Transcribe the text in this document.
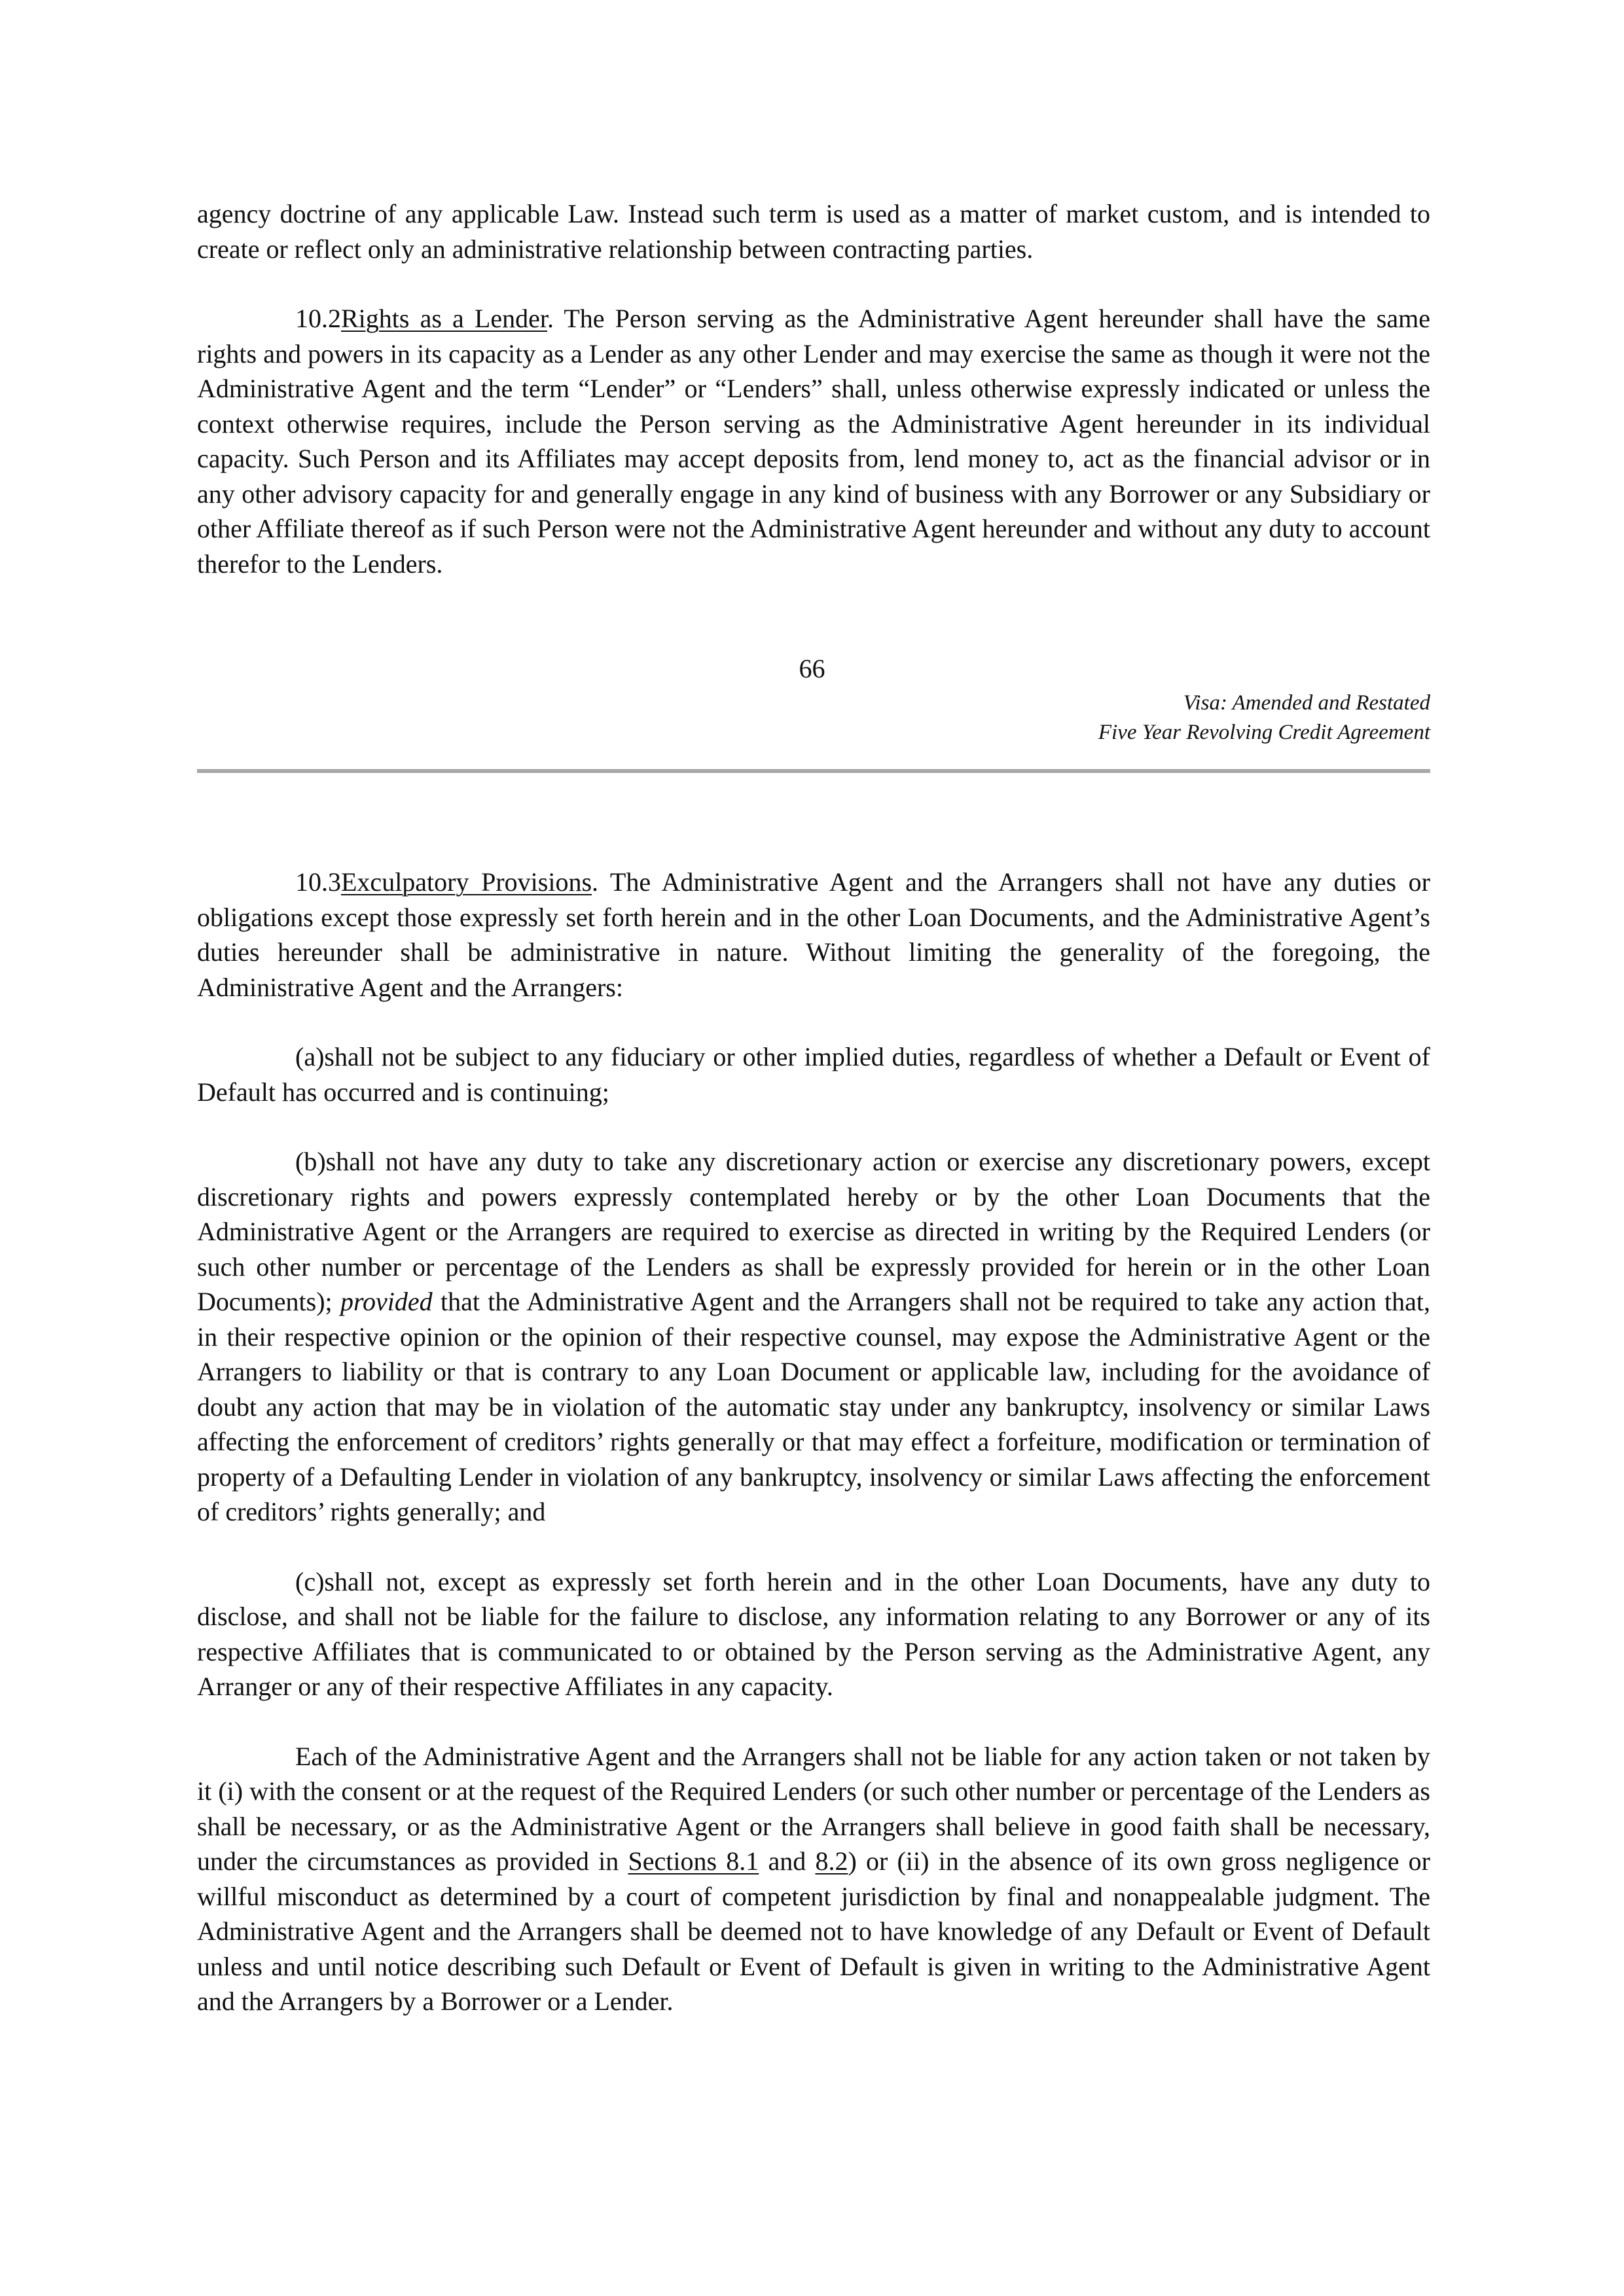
agency doctrine of any applicable Law. Instead such term is used as a matter of market custom, and is intended to create or reflect only an administrative relationship between contracting parties.

10.2Rights as a Lender. The Person serving as the Administrative Agent hereunder shall have the same rights and powers in its capacity as a Lender as any other Lender and may exercise the same as though it were not the Administrative Agent and the term “Lender” or “Lenders” shall, unless otherwise expressly indicated or unless the context otherwise requires, include the Person serving as the Administrative Agent hereunder in its individual capacity. Such Person and its Affiliates may accept deposits from, lend money to, act as the financial advisor or in any other advisory capacity for and generally engage in any kind of business with any Borrower or any Subsidiary or other Affiliate thereof as if such Person were not the Administrative Agent hereunder and without any duty to account therefor to the Lenders.

66
Visa: Amended and Restated
Five Year Revolving Credit Agreement

10.3Exculpatory Provisions. The Administrative Agent and the Arrangers shall not have any duties or obligations except those expressly set forth herein and in the other Loan Documents, and the Administrative Agent’s duties hereunder shall be administrative in nature. Without limiting the generality of the foregoing, the Administrative Agent and the Arrangers:

(a)shall not be subject to any fiduciary or other implied duties, regardless of whether a Default or Event of Default has occurred and is continuing;

(b)shall not have any duty to take any discretionary action or exercise any discretionary powers, except discretionary rights and powers expressly contemplated hereby or by the other Loan Documents that the Administrative Agent or the Arrangers are required to exercise as directed in writing by the Required Lenders (or such other number or percentage of the Lenders as shall be expressly provided for herein or in the other Loan Documents); provided that the Administrative Agent and the Arrangers shall not be required to take any action that, in their respective opinion or the opinion of their respective counsel, may expose the Administrative Agent or the Arrangers to liability or that is contrary to any Loan Document or applicable law, including for the avoidance of doubt any action that may be in violation of the automatic stay under any bankruptcy, insolvency or similar Laws affecting the enforcement of creditors’ rights generally or that may effect a forfeiture, modification or termination of property of a Defaulting Lender in violation of any bankruptcy, insolvency or similar Laws affecting the enforcement of creditors’ rights generally; and

(c)shall not, except as expressly set forth herein and in the other Loan Documents, have any duty to disclose, and shall not be liable for the failure to disclose, any information relating to any Borrower or any of its respective Affiliates that is communicated to or obtained by the Person serving as the Administrative Agent, any Arranger or any of their respective Affiliates in any capacity.

Each of the Administrative Agent and the Arrangers shall not be liable for any action taken or not taken by it (i) with the consent or at the request of the Required Lenders (or such other number or percentage of the Lenders as shall be necessary, or as the Administrative Agent or the Arrangers shall believe in good faith shall be necessary, under the circumstances as provided in Sections 8.1 and 8.2) or (ii) in the absence of its own gross negligence or willful misconduct as determined by a court of competent jurisdiction by final and nonappealable judgment. The Administrative Agent and the Arrangers shall be deemed not to have knowledge of any Default or Event of Default unless and until notice describing such Default or Event of Default is given in writing to the Administrative Agent and the Arrangers by a Borrower or a Lender.
